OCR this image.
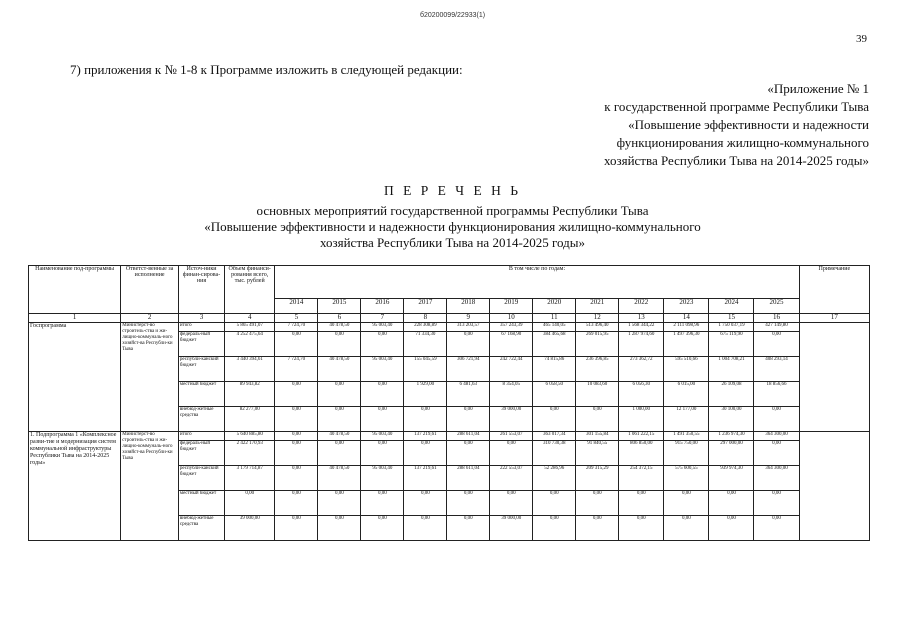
б20200099/22933(1)
39
7) приложения к № 1-8 к Программе изложить в следующей редакции:
«Приложение № 1
к государственной программе Республики Тыва
«Повышение эффективности и надежности
функционирования жилищно-коммунального
хозяйства Республики Тыва на 2014-2025 годы»
П Е Р Е Ч Е Н Ь
основных мероприятий государственной программы Республики Тыва
«Повышение эффективности и надежности функционирования жилищно-коммунального
хозяйства Республики Тыва на 2014-2025 годы»
Наименование под-программы	Ответст-венные за исполнение	Источ-ники финан-сирова-ния	Объем финанси-рования всего, тыс. рублей	В том числе по годам:												Примечание
				2014	2015	2016	2017	2018	2019	2020	2021	2022	2023	2024	2025	
1	2	3	4	5	6	7	8	9	10	11	12	13	14	15	16	17
Госпрограмма	Министерст-во строитель-ства и жи-лищно-коммуналь-ного хозяйст-ва Республи-ки Тыва	итого	5 865 491,07	7 724,70	40 478,50	95 003,40	228 308,89	313 203,57	357 243,39	465 140,05	513 496,40	1 568 344,22	2 111 098,96	1 750 037,19	427 149,80	
		федераль-ный бюджет	4 252 475,64	0,00	0,00	0,00	71 334,30	0,00	67 168,90	384 465,68	269 015,95	1 287 974,60	1 497 396,30	675 119,90	0,00	
		республи-канский бюджет	3 440 394,61	7 724,70	40 478,50	95 003,40	155 045,59	306 721,94	242 722,44	74 815,86	236 396,85	273 362,72	595 510,66	1 004 708,21	408 293,14	
		местный бюджет	89 943,82	0,00	0,00	0,00	1 929,00	6 481,63	8 354,05	6 058,50	10 083,60	6 056,30	6 015,00	26 109,08	18 856,66	
		внебюд-жетные средства	82 277,00	0,00	0,00	0,00	0,00	0,00	39 000,00	0,00	0,00	1 000,00	12 177,00	30 100,00	0,00	
1. Подпрограмма 1 «Комплексное разви-тие и модернизация систем коммунальной инфраструктуры Республики Тыва на 2014-2025 годы»	Министерст-во строитель-ства и жи-лищно-коммуналь-ного хозяйст-ва Республи-ки Тыва	итого	5 640 885,80	0,00	40 478,50	95 003,40	137 219,61	288 611,04	261 553,07	363 017,34	301 155,84	1 061 222,15	1 491 350,55	1 236 974,30	364 300,00	
		федераль-ный бюджет	2 422 170,93	0,00	0,00	0,00	0,00	0,00	0,00	310 730,38	91 840,55	806 850,00	915 750,00	297 000,00	0,00	
		республи-канский бюджет	3 179 714,87	0,00	40 478,50	95 003,40	137 219,61	288 611,04	222 553,07	52 286,96	209 315,29	254 372,15	575 600,55	939 974,30	364 300,00	
		местный бюджет	0,00	0,00	0,00	0,00	0,00	0,00	0,00	0,00	0,00	0,00	0,00	0,00	0,00	
		внебюд-жетные средства	39 000,00	0,00	0,00	0,00	0,00	0,00	39 000,00	0,00	0,00	0,00	0,00	0,00	0,00	
